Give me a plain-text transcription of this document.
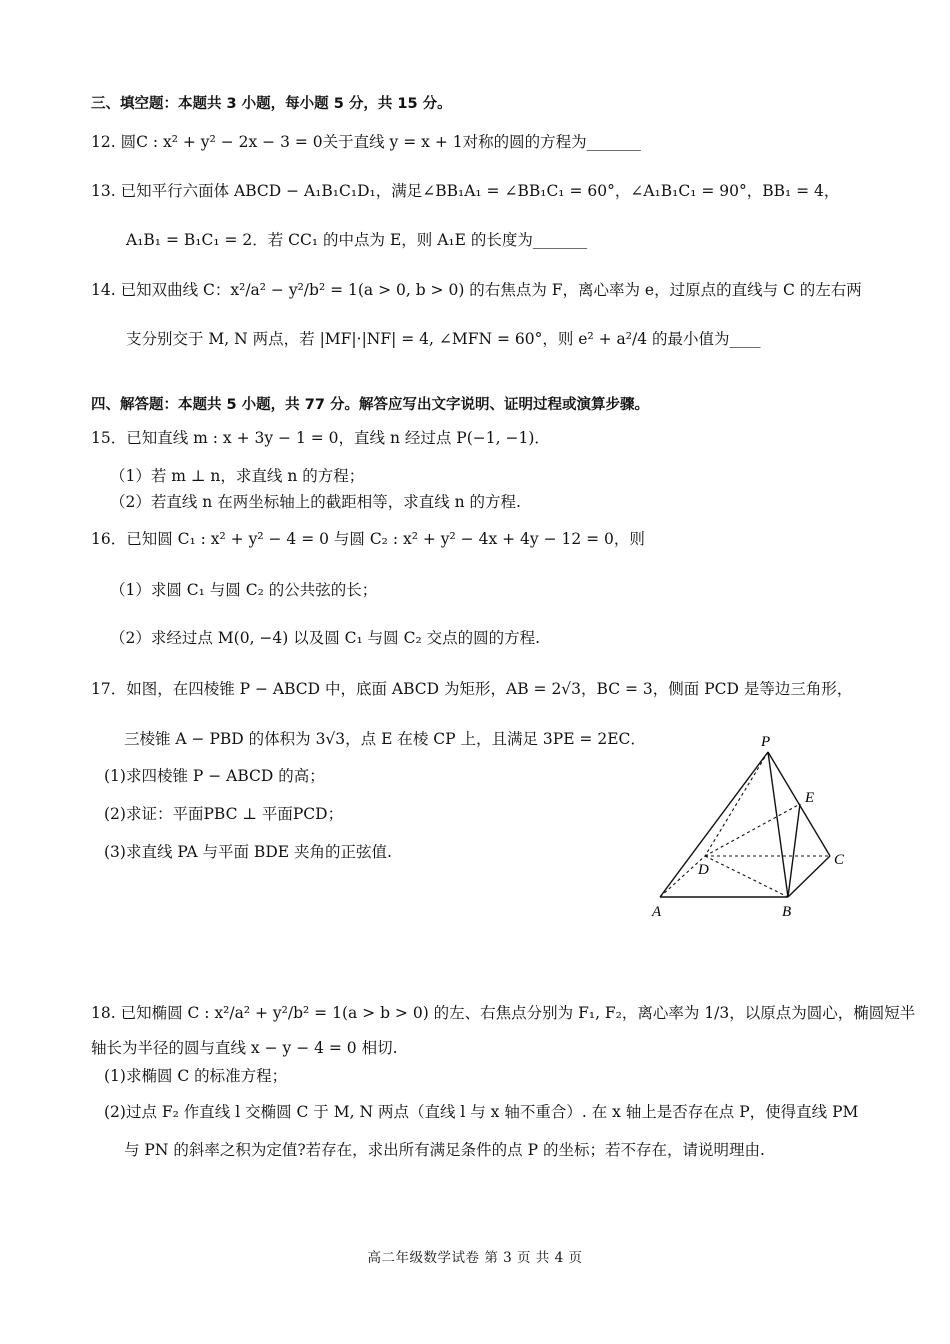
三、填空题：本题共 3 小题，每小题 5 分，共 15 分。
12. 圆C : x² + y² − 2x − 3 = 0关于直线 y = x + 1对称的圆的方程为_______
13. 已知平行六面体 ABCD − A₁B₁C₁D₁，满足∠BB₁A₁ = ∠BB₁C₁ = 60°，∠A₁B₁C₁ = 90°，BB₁ = 4，
A₁B₁ = B₁C₁ = 2．若 CC₁ 的中点为 E，则 A₁E 的长度为_______
14. 已知双曲线 C：x²/a² − y²/b² = 1(a > 0, b > 0) 的右焦点为 F，离心率为 e，过原点的直线与 C 的左右两
支分别交于 M, N 两点，若 |MF|·|NF| = 4, ∠MFN = 60°，则 e² + a²/4 的最小值为____
四、解答题：本题共 5 小题，共 77 分。解答应写出文字说明、证明过程或演算步骤。
15．已知直线 m : x + 3y − 1 = 0，直线 n 经过点 P(−1, −1)．
（1）若 m ⊥ n，求直线 n 的方程；
（2）若直线 n 在两坐标轴上的截距相等，求直线 n 的方程.
16．已知圆 C₁ : x² + y² − 4 = 0 与圆 C₂ : x² + y² − 4x + 4y − 12 = 0，则
（1）求圆 C₁ 与圆 C₂ 的公共弦的长；
（2）求经过点 M(0, −4) 以及圆 C₁ 与圆 C₂ 交点的圆的方程.
17．如图，在四棱锥 P − ABCD 中，底面 ABCD 为矩形，AB = 2√3，BC = 3，侧面 PCD 是等边三角形，
三棱锥 A − PBD 的体积为 3√3，点 E 在棱 CP 上，且满足 3PE = 2EC．
(1)求四棱锥 P − ABCD 的高；
(2)求证：平面PBC ⊥ 平面PCD；
(3)求直线 PA 与平面 BDE 夹角的正弦值.
P
E
D
C
A	B
18. 已知椭圆 C : x²/a² + y²/b² = 1(a > b > 0) 的左、右焦点分别为 F₁, F₂，离心率为 1/3，以原点为圆心，椭圆短半
轴长为半径的圆与直线 x − y − 4 = 0 相切.
(1)求椭圆 C 的标准方程；
(2)过点 F₂ 作直线 l 交椭圆 C 于 M, N 两点（直线 l 与 x 轴不重合）. 在 x 轴上是否存在点 P，使得直线 PM
与 PN 的斜率之积为定值?若存在，求出所有满足条件的点 P 的坐标；若不存在，请说明理由.
高二年级数学试卷 第 3 页 共 4 页
